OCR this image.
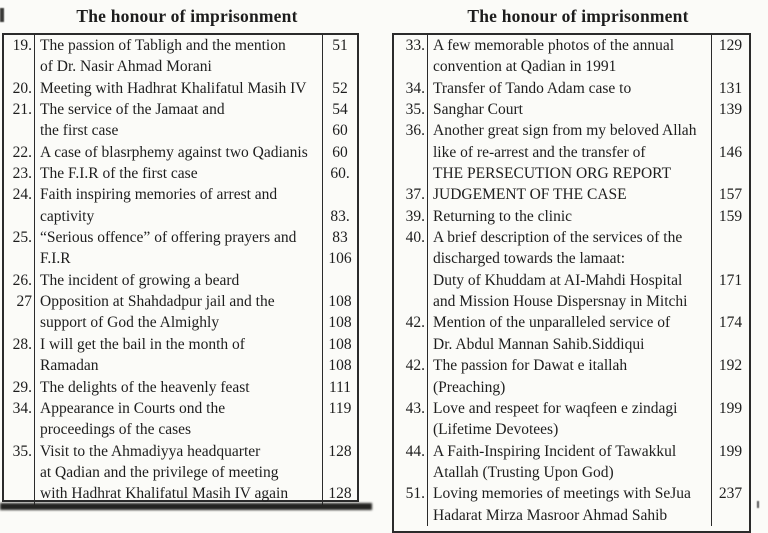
The honour of imprisonment
19. The passion of Tabligh and the mention	51
of Dr. Nasir Ahmad Morani
20. Meeting with Hadhrat Khalifatul Masih IV	52
21. The service of the Jamaat and	54
the first case	60
22. A case of blasrphemy against two Qadianis	60
23. The F.I.R of the first case	60.
24. Faith inspiring memories of arrest and
captivity	83.
25. “Serious offence” of offering prayers and	83
F.I.R	106
26. The incident of growing a beard
27 Opposition at Shahdadpur jail and the	108
support of God the Almighly	108
28. I will get the bail in the month of	108
Ramadan	108
29. The delights of the heavenly feast	111
34. Appearance in Courts ond the	119
proceedings of the cases
35. Visit to the Ahmadiyya headquarter	128
at Qadian and the privilege of meeting
with Hadhrat Khalifatul Masih IV again	128
The honour of imprisonment
33. A few memorable photos of the annual	129
convention at Qadian in 1991
34. Transfer of Tando Adam case to	131
35. Sanghar Court	139
36. Another great sign from my beloved Allah
like of re-arrest and the transfer of	146
THE PERSECUTION ORG REPORT
37. JUDGEMENT OF THE CASE	157
39. Returning to the clinic	159
40. A brief description of the services of the
discharged towards the lamaat:
Duty of Khuddam at AI-Mahdi Hospital	171
and Mission House Dispersnay in Mitchi
42. Mention of the unparalleled service of	174
Dr. Abdul Mannan Sahib.Siddiqui
42. The passion for Dawat e itallah	192
(Preaching)
43. Love and respeet for waqfeen e zindagi	199
(Lifetime Devotees)
44. A Faith-Inspiring Incident of Tawakkul	199
Atallah (Trusting Upon God)
51. Loving memories of meetings with SeJua	237
Hadarat Mirza Masroor Ahmad Sahib
